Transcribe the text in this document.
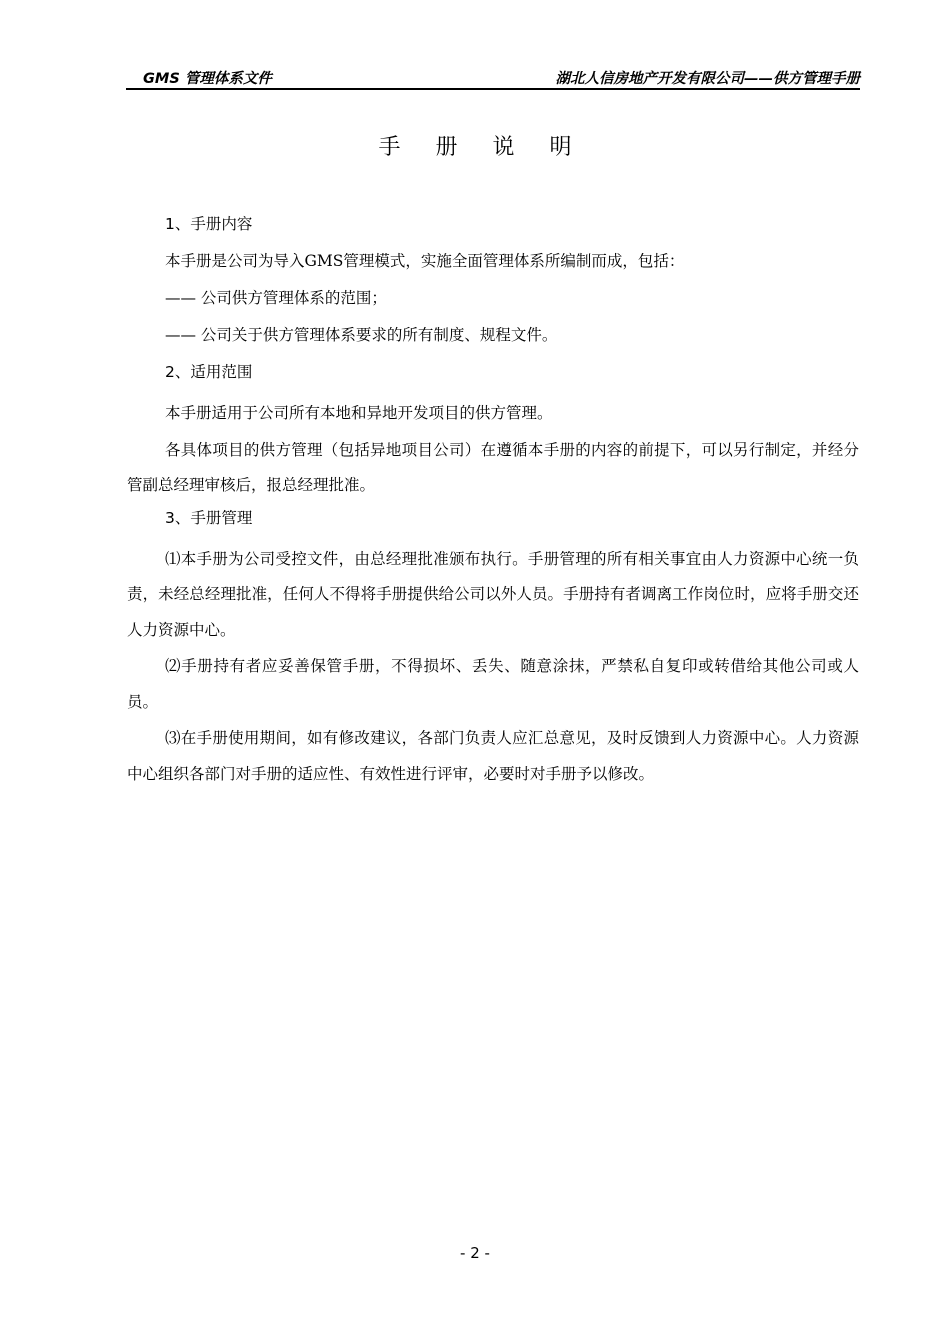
GMS 管理体系文件	湖北人信房地产开发有限公司——供方管理手册
手 册 说 明
1、手册内容
本手册是公司为导入GMS管理模式，实施全面管理体系所编制而成，包括：
—— 公司供方管理体系的范围；
—— 公司关于供方管理体系要求的所有制度、规程文件。
2、适用范围

本手册适用于公司所有本地和异地开发项目的供方管理。

各具体项目的供方管理（包括异地项目公司）在遵循本手册的内容的前提下，可以另行制定，并经分管副总经理审核后，报总经理批准。

3、手册管理

⑴本手册为公司受控文件，由总经理批准颁布执行。手册管理的所有相关事宜由人力资源中心统一负责，未经总经理批准，任何人不得将手册提供给公司以外人员。手册持有者调离工作岗位时，应将手册交还人力资源中心。

⑵手册持有者应妥善保管手册，不得损坏、丢失、随意涂抹，严禁私自复印或转借给其他公司或人员。

⑶在手册使用期间，如有修改建议，各部门负责人应汇总意见，及时反馈到人力资源中心。人力资源中心组织各部门对手册的适应性、有效性进行评审，必要时对手册予以修改。

- 2 -
